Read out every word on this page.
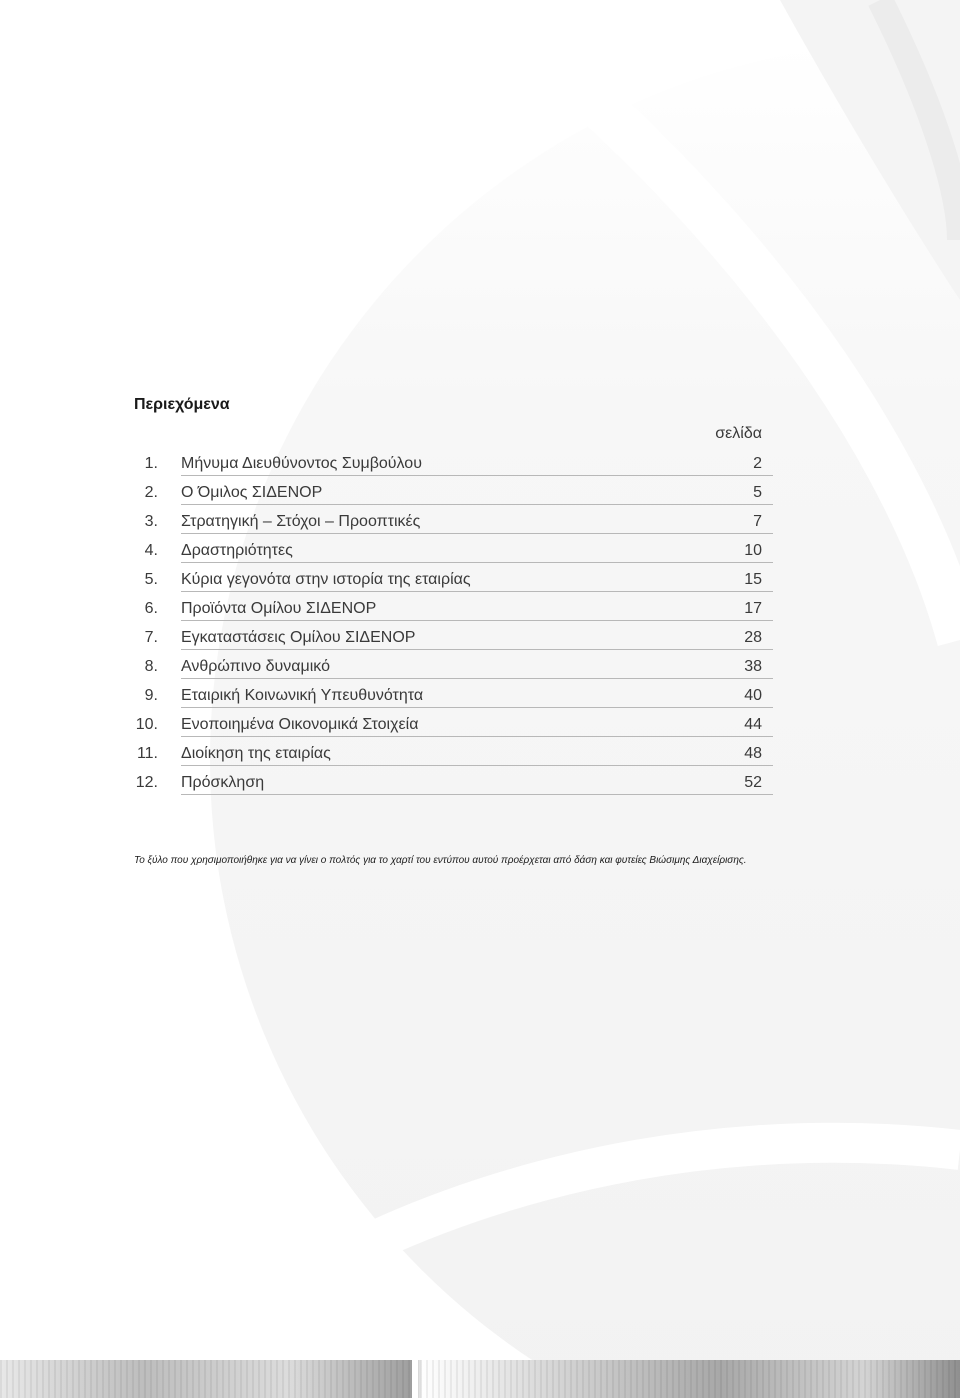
Περιεχόμενα
σελίδα
1. Μήνυμα Διευθύνοντος Συμβούλου	2
2. Ο Όμιλος ΣΙΔΕΝΟΡ	5
3. Στρατηγική – Στόχοι – Προοπτικές	7
4. Δραστηριότητες	10
5. Κύρια γεγονότα στην ιστορία της εταιρίας	15
6. Προϊόντα Ομίλου ΣΙΔΕΝΟΡ	17
7. Εγκαταστάσεις Ομίλου ΣΙΔΕΝΟΡ	28
8. Ανθρώπινο δυναμικό	38
9. Εταιρική Κοινωνική Υπευθυνότητα	40
10. Ενοποιημένα Οικονομικά Στοιχεία	44
11. Διοίκηση της εταιρίας	48
12. Πρόσκληση	52

Το ξύλο που χρησιμοποιήθηκε για να γίνει ο πολτός για το χαρτί του εντύπου αυτού προέρχεται από δάση και φυτείες Βιώσιμης Διαχείρισης.
